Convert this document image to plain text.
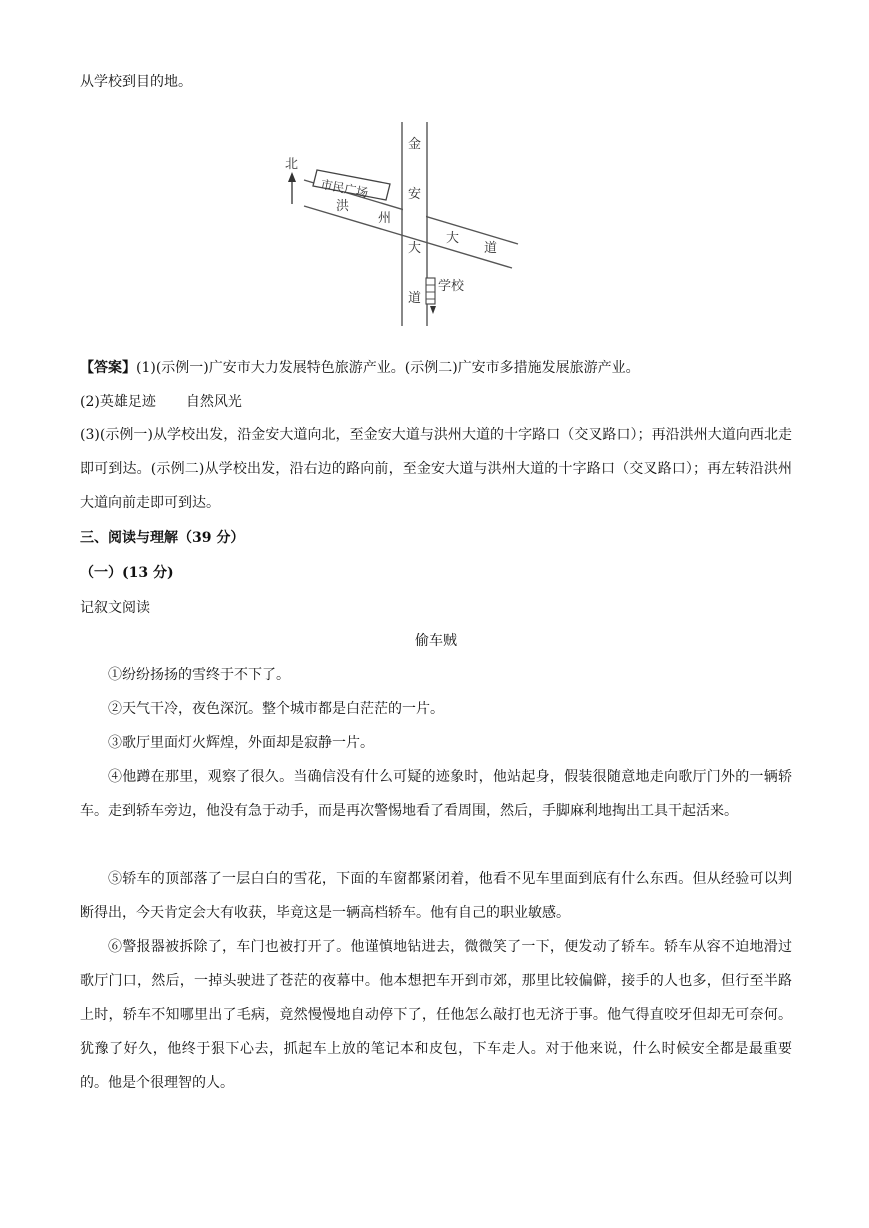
从学校到目的地。
北
市民广场
洪
州
大
道
金
安
大
道
学校
【答案】(1)(示例一)广安市大力发展特色旅游产业。(示例二)广安市多措施发展旅游产业。
(2)英雄足迹 自然风光

(3)(示例一)从学校出发，沿金安大道向北，至金安大道与洪州大道的十字路口（交叉路口）；再沿洪州大道向西北走即可到达。(示例二)从学校出发，沿右边的路向前，至金安大道与洪州大道的十字路口（交叉路口）；再左转沿洪州大道向前走即可到达。

三、阅读与理解（39 分）
（一）(13 分)
记叙文阅读
偷车贼
①纷纷扬扬的雪终于不下了。
②天气干冷，夜色深沉。整个城市都是白茫茫的一片。
③歌厅里面灯火辉煌，外面却是寂静一片。

④他蹲在那里，观察了很久。当确信没有什么可疑的迹象时，他站起身，假装很随意地走向歌厅门外的一辆轿车。走到轿车旁边，他没有急于动手，而是再次警惕地看了看周围，然后，手脚麻利地掏出工具干起活来。

⑤轿车的顶部落了一层白白的雪花，下面的车窗都紧闭着，他看不见车里面到底有什么东西。但从经验可以判断得出，今天肯定会大有收获，毕竟这是一辆高档轿车。他有自己的职业敏感。

⑥警报器被拆除了，车门也被打开了。他谨慎地钻进去，微微笑了一下，便发动了轿车。轿车从容不迫地滑过歌厅门口，然后，一掉头驶进了苍茫的夜幕中。他本想把车开到市郊，那里比较偏僻，接手的人也多，但行至半路上时，轿车不知哪里出了毛病，竟然慢慢地自动停下了，任他怎么敲打也无济于事。他气得直咬牙但却无可奈何。犹豫了好久，他终于狠下心去，抓起车上放的笔记本和皮包，下车走人。对于他来说，什么时候安全都是最重要的。他是个很理智的人。
